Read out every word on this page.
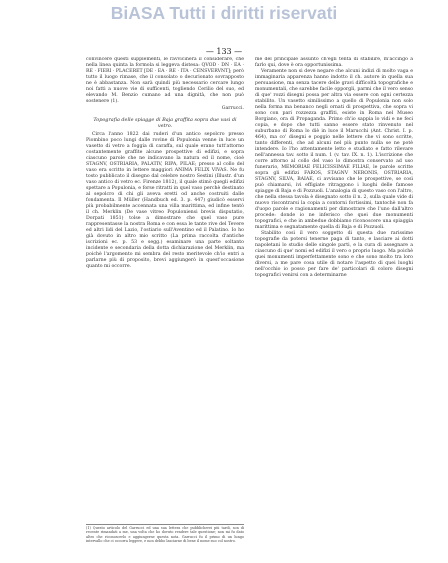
BiASA Tutti i diritti riservati
— 133 —

convincere questi supplementi, le ravvicinerà il considerare, che nella linea quinta la formola si leggeva distesa: QVOD · DN · EA · RE · FIERI · PLACERET [DE · EA · RE · ITA · CENSVERVNT]; però tutto il luogo rimase, che il consolato o decurionato sovrapposto ne è abbastanza. Non sarà quindi più necessario cercare lungo noi fatti a nuove vie di sufficenti, togliendo Cerilio del suo, ed elevando M. Benzio cumano ad una dignità, che non può sostenere (1).

Garrucci.
Topografia delle spiagge di Baja graffita sopra due vasi di vetro.

Circa l'anno 1822 dai ruderi d'un antico sepolcro presso Piombino poco lungi dalle rovine di Populonia venne in luce un vasetto di vetro a foggia di caraffa, sul quale erano tutt'attorno costantemente graffite alcune prospettive di edifizi, e sopra ciascuno parole che ne indicavano la natura ed il nome, cioè STAGNV, OSTRIARIA, PALATIV, RIPA, PILAE; presso al collo del vaso era scritto in lettere maggiori ANIMA FELIX VIVAS. Ne fu tosto pubblicato il disegno dal celebre nostro Sestini (Illustr. d'un vaso antico di vetro ec. Firenze 1812), il quale stimò quegli edifizi spettare a Populonia, e forse ritratti in quel vaso perchè destinato al sepolcro di chi gli aveva eretti od anche costruiti dalle fondamenta. Il Müller (Handbuch ed. 3. p. 447) giudicò esservi più probabilmente accennata una villa marittima, ed infine tentò il ch. Merklin (De vase vitreo Populoniensi brevis disputatio, Dorpati 1851) tolse a dimostrare che quel vaso pure rappresentasse la nostra Roma e con essa le tante rive del Tevere ed altri lidi del Lazio, l'ostiario sull'Aventino ed il Palatino. Io ho già dovuto in altro mio scritto (La prima raccolta d'antiche iscrizioni ec. p. 53 e segg.) esaminare una parte soltanto incidente e secondaria della dotta dichiarazione del Merklin, ma poichè l'argomento mi sembra del resto meritevole ch'io entri a parlarne più di proposito, brevi aggiungerò in quest'occasione quanto mi occorre.

me del principale assunto ch'egli tenta di stabilire, m'accingo a farlo qui, dove è ora opportunissima.

Veramente non si deve negare che alcuni indizi di molto vaga e immaginaria apparenza hanno indotto il ch. autore in quella sua persuasione, ma senza tacere delle gravi difficoltà topografiche e monumentali, che sarebbe facile opporgli, parmi che il vero senso di que' rozzi disegni possa per altra via essere con ogni certezza stabilito. Un vasetto similissimo a quello di Populonia non solo nella forma ma benanco negli ornati di prospettiva, che sopra vi sono con pari rozzezza graffiti, esiste in Roma nel Museo Borgiano, ora di Propaganda. Primo ch'io sappia lo vidi e ne feci copia, e dopo che tutti sanno essere stato rinvenuto nel suburbano di Roma lo diè in luce il Marucchi (Ant. Christ. I. p. 464), ma co' disegni e poggio nelle lettere che vi sono scritte, tanto differenti, che ad alcuni nel più punto nulla se ne potè intendere. Io l'ho attentamente letto e studiato e fatto rilevare nell'annessa tav. sotto il num. 1 (v. tav. IX. n. 1). L'iscrizione che corre attorno al collo del vaso lo dimostra conservato ad uso funerario, MEMORIAE FELICISSIMAE FILIAE, le parole scritte sopra gli edifizi FAROS, STAGNV NERONIS, OSTRIARIA, STAGNV, SILVA, BAIAE, ci avvisano che le prospettive, se così può chiamarsi, ivi effigiate ritraggono i luoghi delle famose spiagge di Baja e di Pozzuoli. L'analogia di questo vaso con l'altro, che nella stessa tavola è disegnato sotto il n. 2, sulla quale vide di nuovo riscontrarsi la copia a contorni fortissimi, tantochè non fa d'uopo parole e ragionamenti per dimostrare che l'uno dall'altro procede: donde io ne inferisco che quei due monumenti topografici, e che in ambedue dobbiamo riconoscere una spiaggia marittima e segnatamente quella di Baja e di Pozzuoli.

Stabilito così il vero soggetto di questa due rarissime topografie da potersi tenerne paga di tanto, e lasciare ai dotti napoletani lo studio delle singole parti, e la cura di assegnare a ciascuno di que' nomi ed edifizi il vero o proprio luogo. Ma poichè quei monumenti imperfettamente sono e che sono molto tra loro diversi, a me pare cosa utile di notare l'aspetto di quei luoghi nell'occhio io posso per fare de' particolari di coloro disegni topografici venirsi con a determinarne

(1) Questo articolo del Garrucci ed una sua lettera che pubblicherei più tardi, son di recente rimandati a me, una volta che ho dovuto rendere tale questione; non mi fu dato altro che riconoscerlo e aggiungerne questa nota. Garrucci fu il primo di un lungo intervallo che ci occorra leggere, e non debbo lasciarne di bene il nome suo col nostro.
